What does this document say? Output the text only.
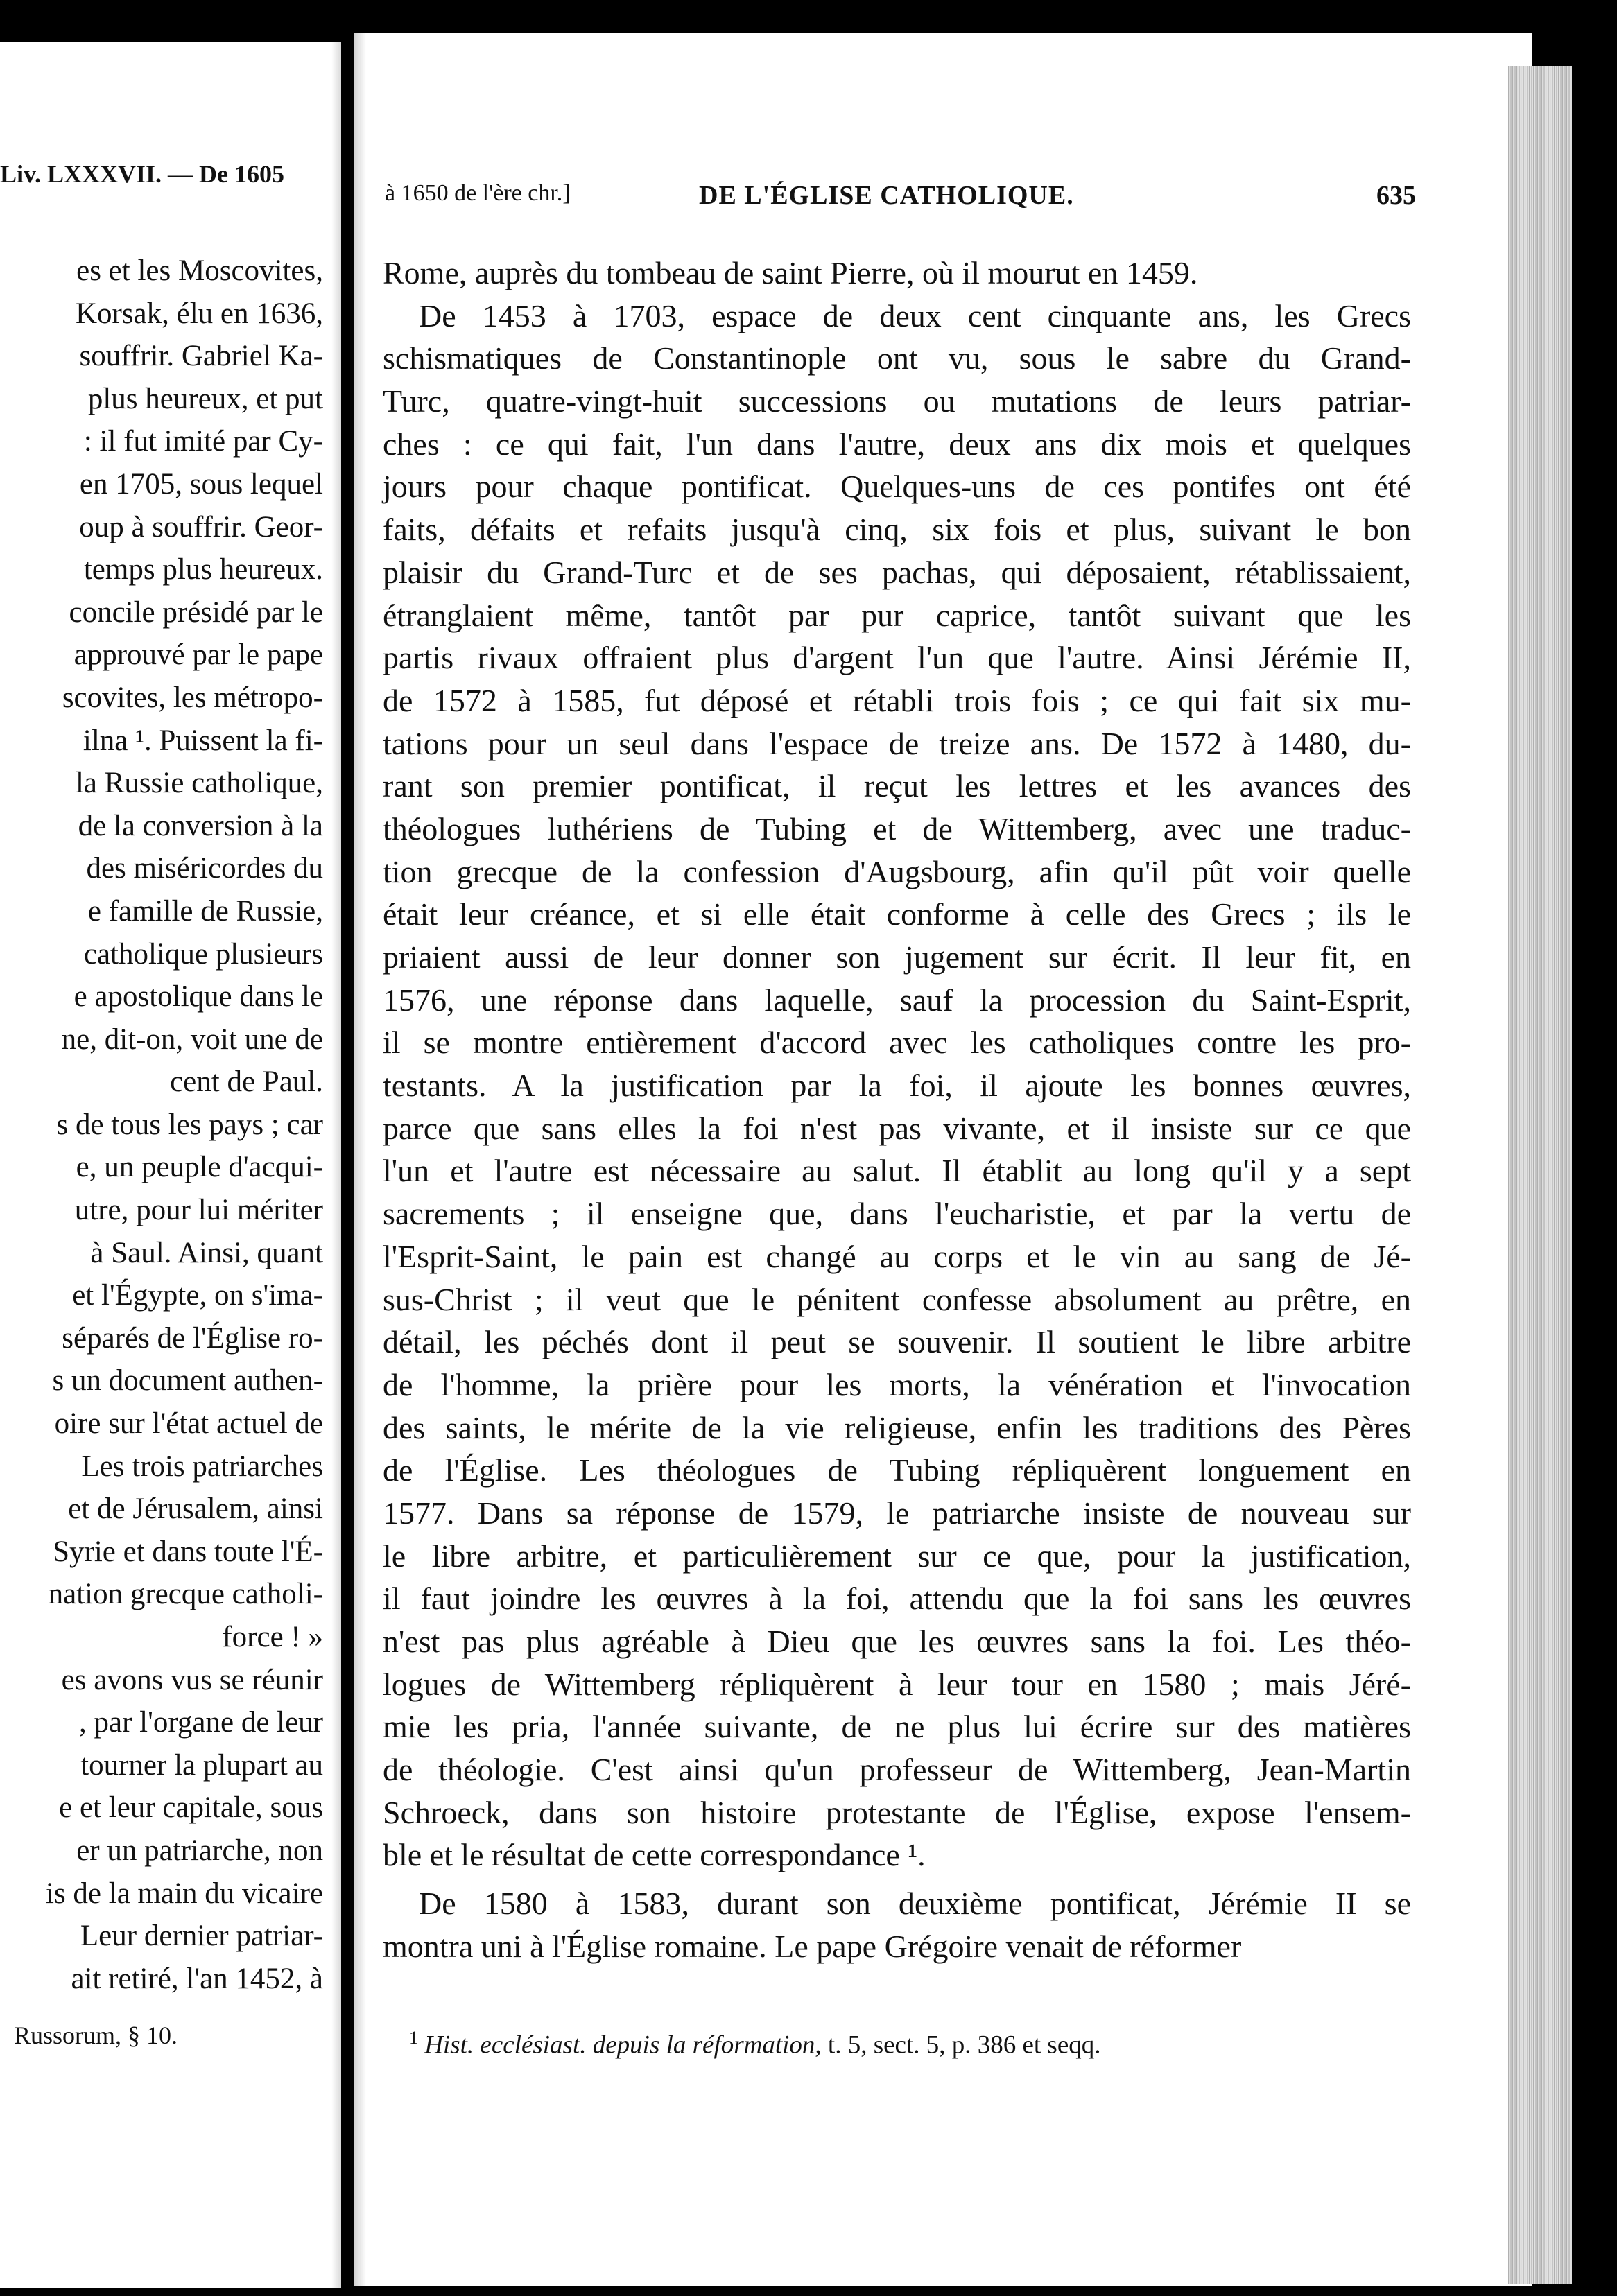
Liv. LXXXVII. — De 1605
es et les Moscovites,
Korsak, élu en 1636,
souffrir. Gabriel Ka-
plus heureux, et put
: il fut imité par Cy-
en 1705, sous lequel
oup à souffrir. Geor-
temps plus heureux.
concile présidé par le
approuvé par le pape
scovites, les métropo-
ilna ¹. Puissent la fi-
la Russie catholique,
de la conversion à la
des miséricordes du
e famille de Russie,
catholique plusieurs
e apostolique dans le
ne, dit-on, voit une de
cent de Paul.
s de tous les pays ; car
e, un peuple d'acqui-
utre, pour lui mériter
à Saul. Ainsi, quant
et l'Égypte, on s'ima-
séparés de l'Église ro-
s un document authen-
oire sur l'état actuel de
Les trois patriarches
et de Jérusalem, ainsi
Syrie et dans toute l'É-
nation grecque catholi-
force ! »
es avons vus se réunir
, par l'organe de leur
tourner la plupart au
e et leur capitale, sous
er un patriarche, non
is de la main du vicaire
Leur dernier patriar-
ait retiré, l'an 1452, à
Russorum, § 10.
à 1650 de l'ère chr.]	DE L'ÉGLISE CATHOLIQUE.	635
Rome, auprès du tombeau de saint Pierre, où il mourut en 1459.
De 1453 à 1703, espace de deux cent cinquante ans, les Grecs
schismatiques de Constantinople ont vu, sous le sabre du Grand-
Turc, quatre-vingt-huit successions ou mutations de leurs patriar-
ches : ce qui fait, l'un dans l'autre, deux ans dix mois et quelques
jours pour chaque pontificat. Quelques-uns de ces pontifes ont été
faits, défaits et refaits jusqu'à cinq, six fois et plus, suivant le bon
plaisir du Grand-Turc et de ses pachas, qui déposaient, rétablissaient,
étranglaient même, tantôt par pur caprice, tantôt suivant que les
partis rivaux offraient plus d'argent l'un que l'autre. Ainsi Jérémie II,
de 1572 à 1585, fut déposé et rétabli trois fois ; ce qui fait six mu-
tations pour un seul dans l'espace de treize ans. De 1572 à 1480, du-
rant son premier pontificat, il reçut les lettres et les avances des
théologues luthériens de Tubing et de Wittemberg, avec une traduc-
tion grecque de la confession d'Augsbourg, afin qu'il pût voir quelle
était leur créance, et si elle était conforme à celle des Grecs ; ils le
priaient aussi de leur donner son jugement sur écrit. Il leur fit, en
1576, une réponse dans laquelle, sauf la procession du Saint-Esprit,
il se montre entièrement d'accord avec les catholiques contre les pro-
testants. A la justification par la foi, il ajoute les bonnes œuvres,
parce que sans elles la foi n'est pas vivante, et il insiste sur ce que
l'un et l'autre est nécessaire au salut. Il établit au long qu'il y a sept
sacrements ; il enseigne que, dans l'eucharistie, et par la vertu de
l'Esprit-Saint, le pain est changé au corps et le vin au sang de Jé-
sus-Christ ; il veut que le pénitent confesse absolument au prêtre, en
détail, les péchés dont il peut se souvenir. Il soutient le libre arbitre
de l'homme, la prière pour les morts, la vénération et l'invocation
des saints, le mérite de la vie religieuse, enfin les traditions des Pères
de l'Église. Les théologues de Tubing répliquèrent longuement en
1577. Dans sa réponse de 1579, le patriarche insiste de nouveau sur
le libre arbitre, et particulièrement sur ce que, pour la justification,
il faut joindre les œuvres à la foi, attendu que la foi sans les œuvres
n'est pas plus agréable à Dieu que les œuvres sans la foi. Les théo-
logues de Wittemberg répliquèrent à leur tour en 1580 ; mais Jéré-
mie les pria, l'année suivante, de ne plus lui écrire sur des matières
de théologie. C'est ainsi qu'un professeur de Wittemberg, Jean-Martin
Schroeck, dans son histoire protestante de l'Église, expose l'ensem-
ble et le résultat de cette correspondance ¹.
De 1580 à 1583, durant son deuxième pontificat, Jérémie II se
montra uni à l'Église romaine. Le pape Grégoire venait de réformer
$^1$ Hist. ecclésiast. depuis la réformation, t. 5, sect. 5, p. 386 et seqq.
